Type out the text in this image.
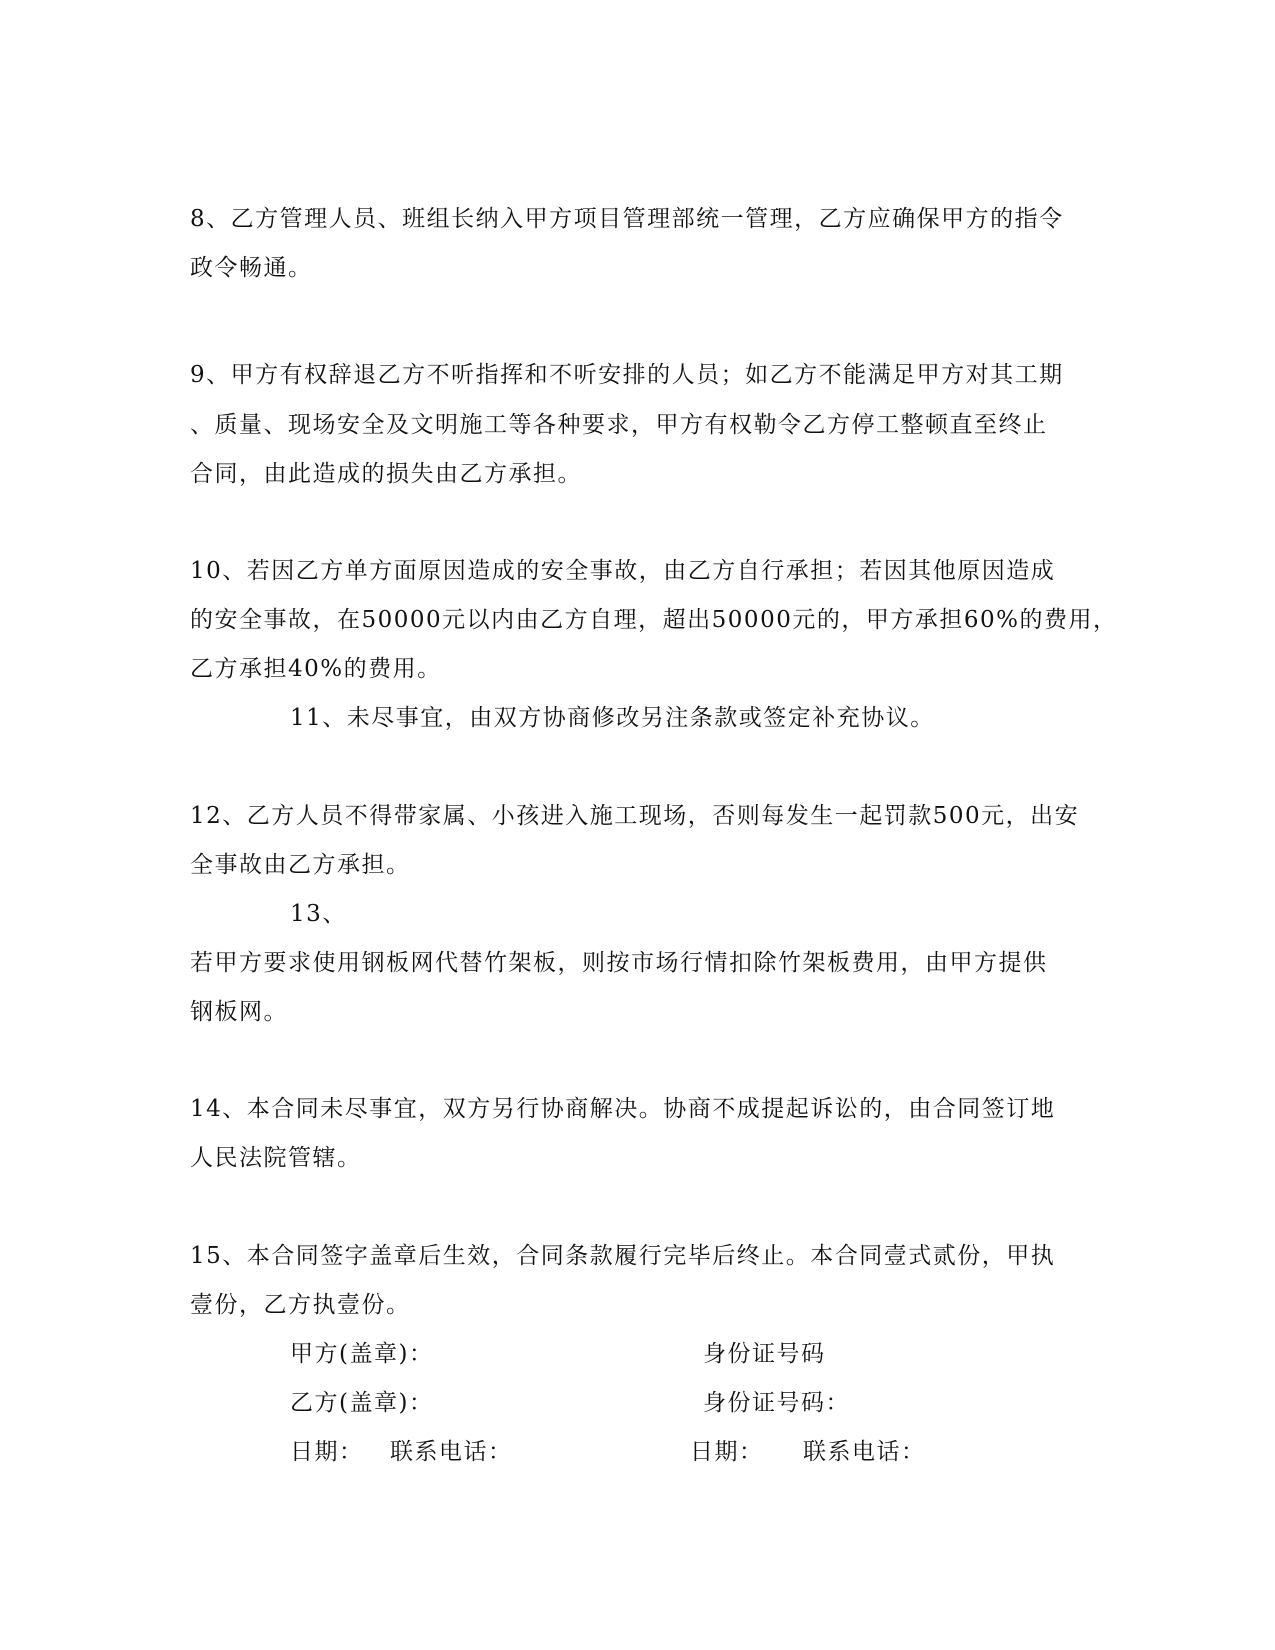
8、乙方管理人员、班组长纳入甲方项目管理部统一管理，乙方应确保甲方的指令
政令畅通。
9、甲方有权辞退乙方不听指挥和不听安排的人员；如乙方不能满足甲方对其工期
、质量、现场安全及文明施工等各种要求，甲方有权勒令乙方停工整顿直至终止
合同，由此造成的损失由乙方承担。
10、若因乙方单方面原因造成的安全事故，由乙方自行承担；若因其他原因造成
的安全事故，在50000元以内由乙方自理，超出50000元的，甲方承担60%的费用，
乙方承担40%的费用。
11、未尽事宜，由双方协商修改另注条款或签定补充协议。
12、乙方人员不得带家属、小孩进入施工现场，否则每发生一起罚款500元，出安
全事故由乙方承担。
13、
若甲方要求使用钢板网代替竹架板，则按市场行情扣除竹架板费用，由甲方提供
钢板网。
14、本合同未尽事宜，双方另行协商解决。协商不成提起诉讼的，由合同签订地
人民法院管辖。
15、本合同签字盖章后生效，合同条款履行完毕后终止。本合同壹式贰份，甲执
壹份，乙方执壹份。
甲方(盖章)：	身份证号码
乙方(盖章)：	身份证号码：
日期： 联系电话：	日期： 联系电话：
